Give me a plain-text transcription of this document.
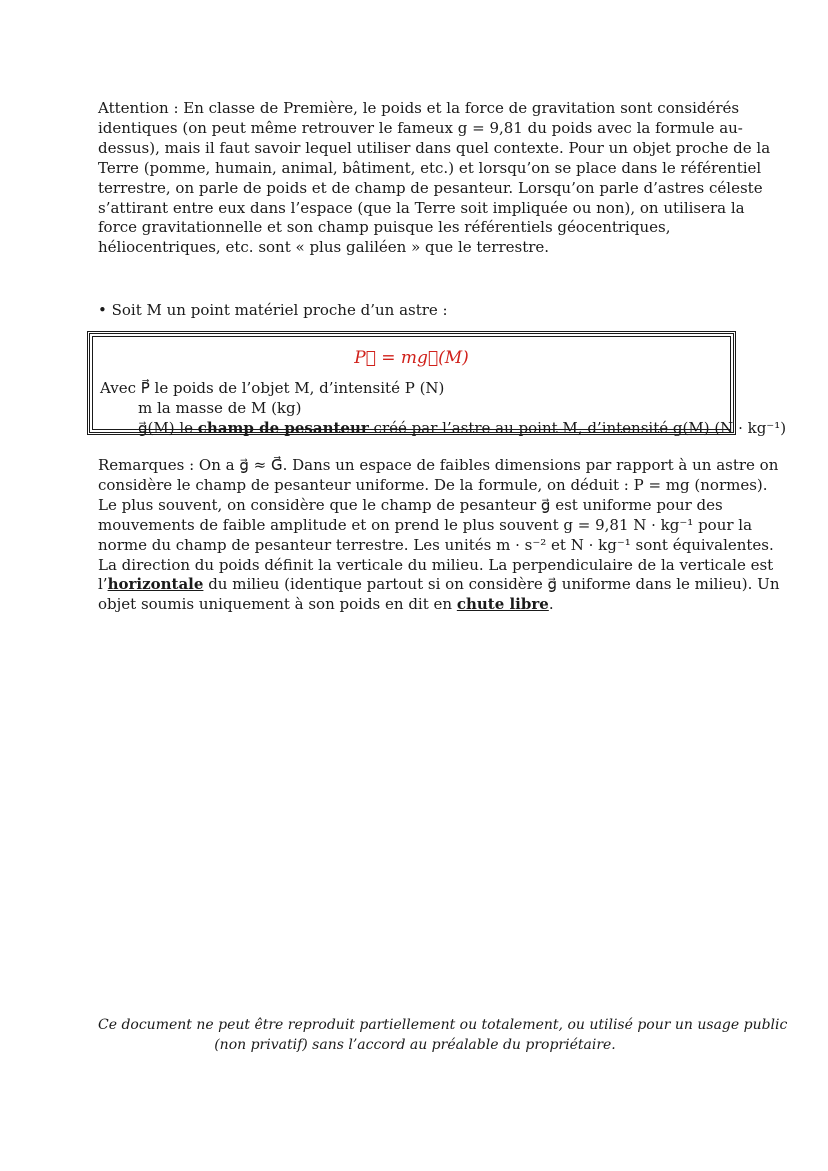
Attention : En classe de Première, le poids et la force de gravitation sont considérés
identiques (on peut même retrouver le fameux g = 9,81 du poids avec la formule au-
dessus), mais il faut savoir lequel utiliser dans quel contexte. Pour un objet proche de la
Terre (pomme, humain, animal, bâtiment, etc.) et lorsqu’on se place dans le référentiel
terrestre, on parle de poids et de champ de pesanteur. Lorsqu’on parle d’astres céleste
s’attirant entre eux dans l’espace (que la Terre soit impliquée ou non), on utilisera la
force gravitationnelle et son champ puisque les référentiels géocentriques,
héliocentriques, etc. sont « plus galiléen » que le terrestre.
• Soit M un point matériel proche d’un astre :
P⃗ = mg⃗(M)
Avec P⃗ le poids de l’objet M, d’intensité P (N)
m la masse de M (kg)
g⃗(M) le champ de pesanteur créé par l’astre au point M, d’intensité g(M) (N · kg⁻¹)
Remarques : On a g⃗ ≈ G⃗. Dans un espace de faibles dimensions par rapport à un astre on
considère le champ de pesanteur uniforme. De la formule, on déduit : P = mg (normes).
Le plus souvent, on considère que le champ de pesanteur g⃗ est uniforme pour des
mouvements de faible amplitude et on prend le plus souvent g = 9,81 N · kg⁻¹ pour la
norme du champ de pesanteur terrestre. Les unités m · s⁻² et N · kg⁻¹ sont équivalentes.
La direction du poids définit la verticale du milieu. La perpendiculaire de la verticale est
l’horizontale du milieu (identique partout si on considère g⃗ uniforme dans le milieu). Un
objet soumis uniquement à son poids en dit en chute libre.
Ce document ne peut être reproduit partiellement ou totalement, ou utilisé pour un usage public
(non privatif) sans l’accord au préalable du propriétaire.
